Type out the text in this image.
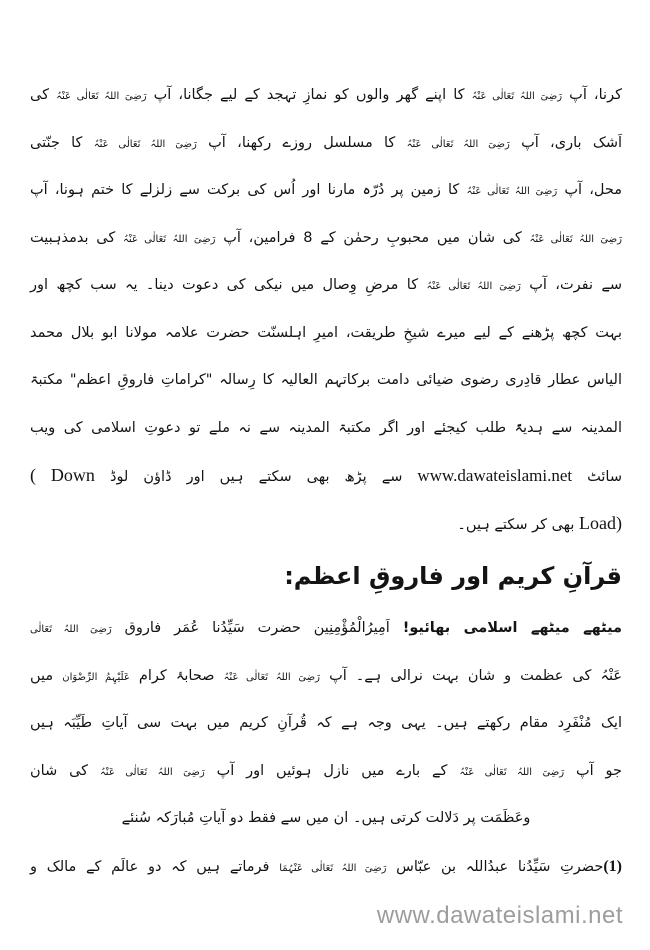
کرنا، آپ رَضِیَ اللہُ تَعَالٰی عَنْہُ کا اپنے گھر والوں کو نمازِ تہجد کے لیے جگانا، آپ رَضِیَ اللہُ تَعَالٰی عَنْہُ کی
اَشک باری، آپ رَضِیَ اللہُ تَعَالٰی عَنْہُ کا مسلسل روزے رکھنا، آپ رَضِیَ اللہُ تَعَالٰی عَنْہُ کا جنّتی
محل، آپ رَضِیَ اللہُ تَعَالٰی عَنْہُ کا زمین پر دُرّہ مارنا اور اُس کی برکت سے زلزلے کا ختم ہونا، آپ
رَضِیَ اللہُ تَعَالٰی عَنْہُ کی شان میں محبوبِ رحمٰن کے 8 فرامین، آپ رَضِیَ اللہُ تَعَالٰی عَنْہُ کی بدمذہبیت
سے نفرت، آپ رَضِیَ اللہُ تَعَالٰی عَنْہُ کا مرضِ وِصال میں نیکی کی دعوت دینا۔ یہ سب کچھ اور
بہت کچھ پڑھنے کے لیے میرے شیخِ طریقت، امیرِ اہلسنّت حضرت علامہ مولانا ابو بلال محمد
الیاس عطار قادِری رضوی ضیائی دامت برکاتہم العالیہ کا رِسالہ "کراماتِ فاروقِ اعظم" مکتبۃ
المدینہ سے ہدیۃً طلب کیجئے اور اگر مکتبۃ المدینہ سے نہ ملے تو دعوتِ اسلامی کی ویب
سائٹ www.dawateislami.net سے پڑھ بھی سکتے ہیں اور ڈاؤن لوڈ ( Down
Load) بھی کر سکتے ہیں۔
قرآنِ کریم اور فاروقِ اعظم:
میٹھے میٹھے اسلامی بھائیو! اَمِیرُالْمُؤْمِنِین حضرت سَیِّدُنا عُمَر فاروق رَضِیَ اللہُ تَعَالٰی
عَنْہُ کی عظمت و شان بہت نرالی ہے۔ آپ رَضِیَ اللہُ تَعَالٰی عَنْہُ صحابۂ کرام عَلَیْہِمُ الرِّضْوَان میں
ایک مُنْفَرِد مقام رکھتے ہیں۔ یہی وجہ ہے کہ قُرآنِ کریم میں بہت سی آیاتِ طَیِّبَہ ہیں
جو آپ رَضِیَ اللہُ تَعَالٰی عَنْہُ کے بارے میں نازل ہوئیں اور آپ رَضِیَ اللہُ تَعَالٰی عَنْہُ کی شان
وعَظَمَت پر دَلالت کرتی ہیں۔ ان میں سے فقط دو آیاتِ مُبارَکہ سُنئے
(1)حضرتِ سَیِّدُنا عبدُاللہ بن عبّاس رَضِیَ اللہُ تَعَالٰی عَنْہُمَا فرماتے ہیں کہ دو عالَم کے مالک و
www.dawateislami.net
